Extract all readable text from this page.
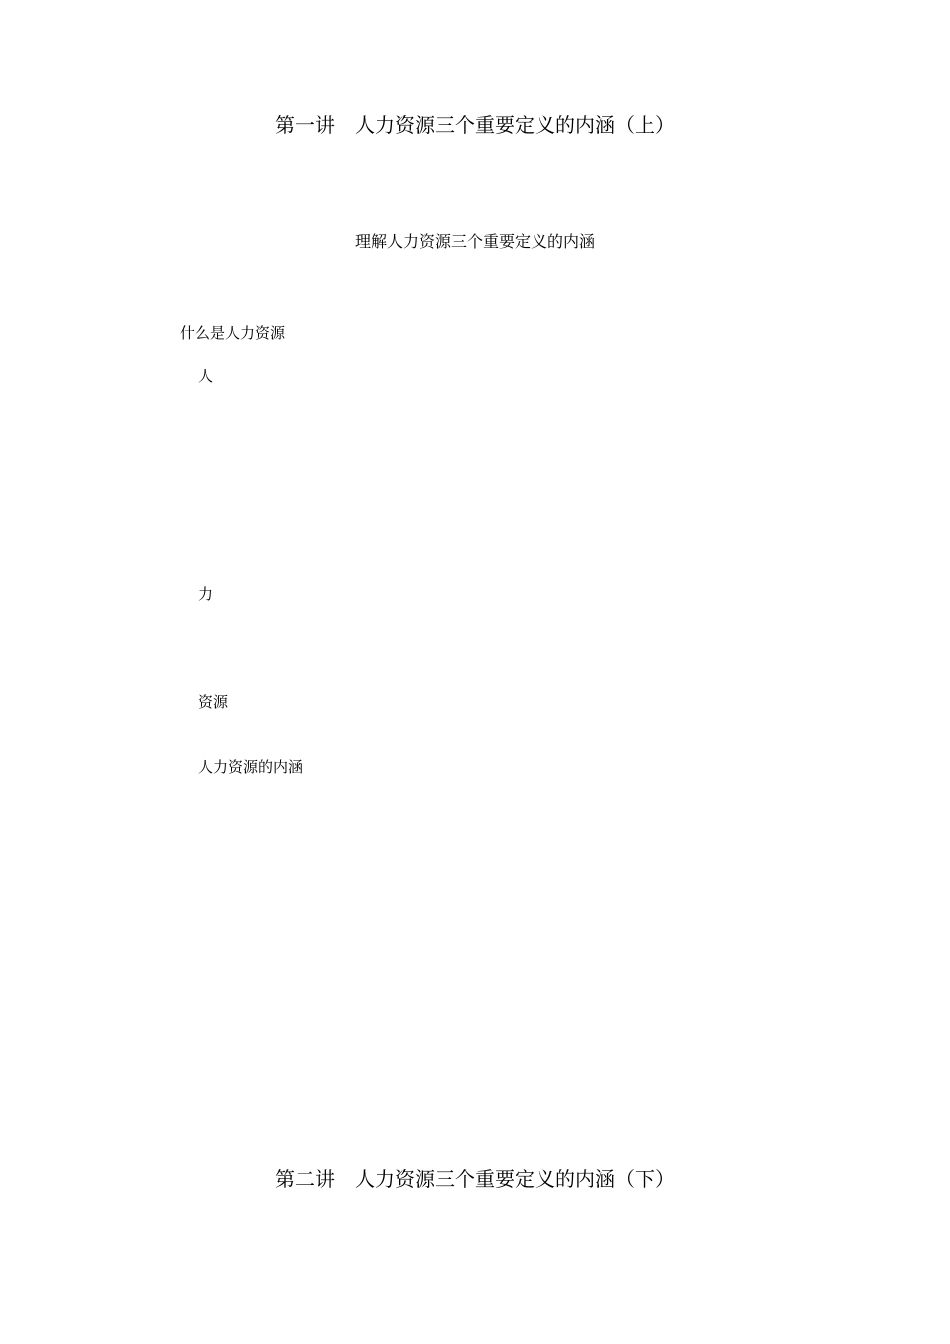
第一讲　人力资源三个重要定义的内涵（上）
理解人力资源三个重要定义的内涵
什么是人力资源
人
力
资源
人力资源的内涵
第二讲　人力资源三个重要定义的内涵（下）
